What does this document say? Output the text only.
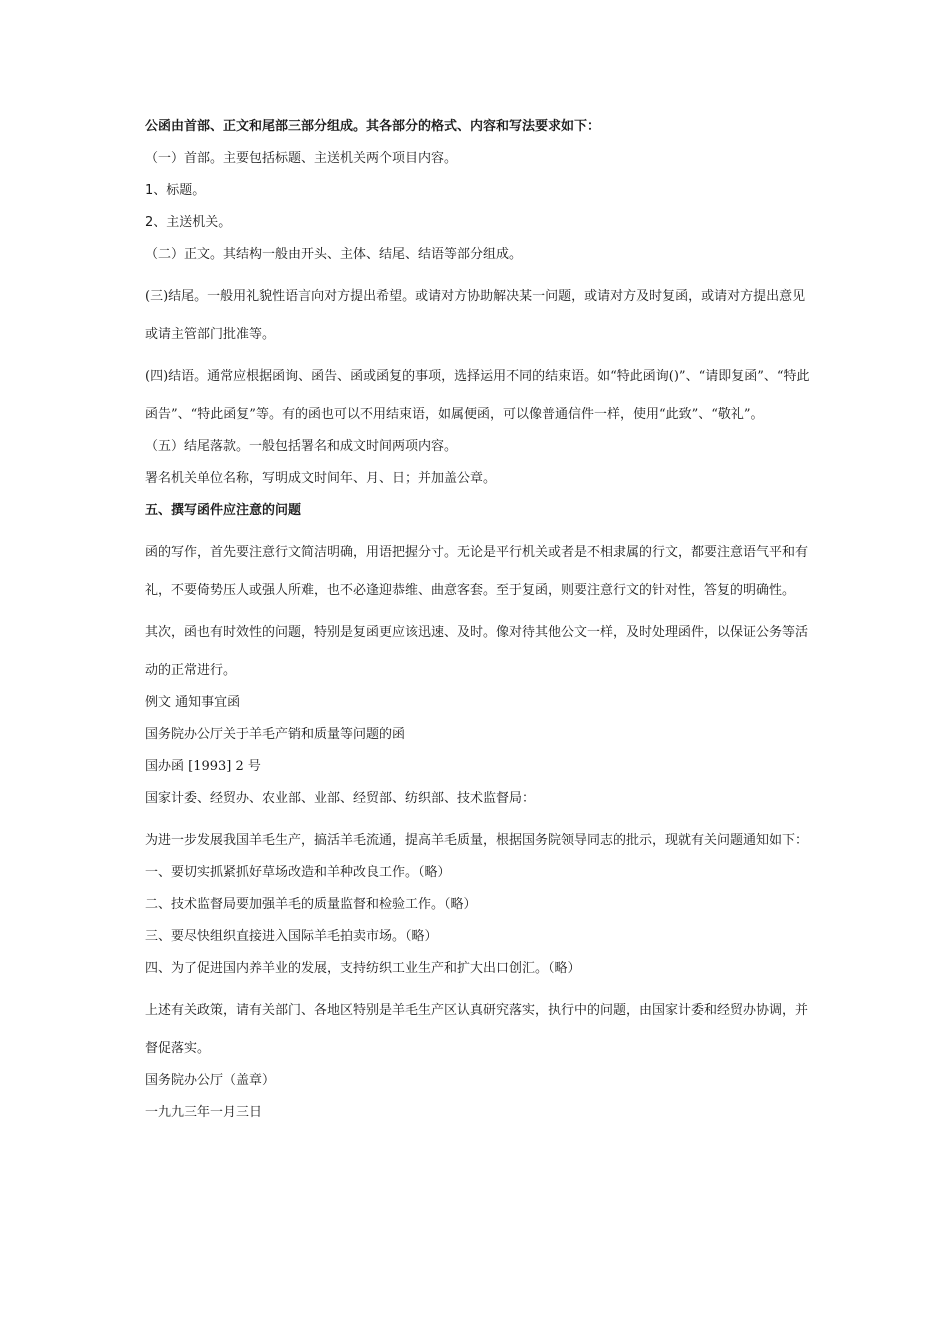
公函由首部、正文和尾部三部分组成。其各部分的格式、内容和写法要求如下：

（一）首部。主要包括标题、主送机关两个项目内容。

1、标题。

2、主送机关。

（二）正文。其结构一般由开头、主体、结尾、结语等部分组成。

(三)结尾。一般用礼貌性语言向对方提出希望。或请对方协助解决某一问题，或请对方及时复函，或请对方提出意见或请主管部门批准等。

(四)结语。通常应根据函询、函告、函或函复的事项，选择运用不同的结束语。如“特此函询()”、“请即复函”、“特此函告”、“特此函复”等。有的函也可以不用结束语，如属便函，可以像普通信件一样，使用“此致”、“敬礼”。

（五）结尾落款。一般包括署名和成文时间两项内容。

署名机关单位名称，写明成文时间年、月、日；并加盖公章。

五、撰写函件应注意的问题

函的写作，首先要注意行文简洁明确，用语把握分寸。无论是平行机关或者是不相隶属的行文，都要注意语气平和有礼，不要倚势压人或强人所难，也不必逢迎恭维、曲意客套。至于复函，则要注意行文的针对性，答复的明确性。

其次，函也有时效性的问题，特别是复函更应该迅速、及时。像对待其他公文一样，及时处理函件，以保证公务等活动的正常进行。

例文 通知事宜函

国务院办公厅关于羊毛产销和质量等问题的函

国办函 [1993] 2 号

国家计委、经贸办、农业部、业部、经贸部、纺织部、技术监督局：

为进一步发展我国羊毛生产，搞活羊毛流通，提高羊毛质量，根据国务院领导同志的批示，现就有关问题通知如下：

一、要切实抓紧抓好草场改造和羊种改良工作。（略）

二、技术监督局要加强羊毛的质量监督和检验工作。（略）

三、要尽快组织直接进入国际羊毛拍卖市场。（略）

四、为了促进国内养羊业的发展，支持纺织工业生产和扩大出口创汇。（略）

上述有关政策，请有关部门、各地区特别是羊毛生产区认真研究落实，执行中的问题，由国家计委和经贸办协调，并督促落实。

国务院办公厅（盖章）

一九九三年一月三日
